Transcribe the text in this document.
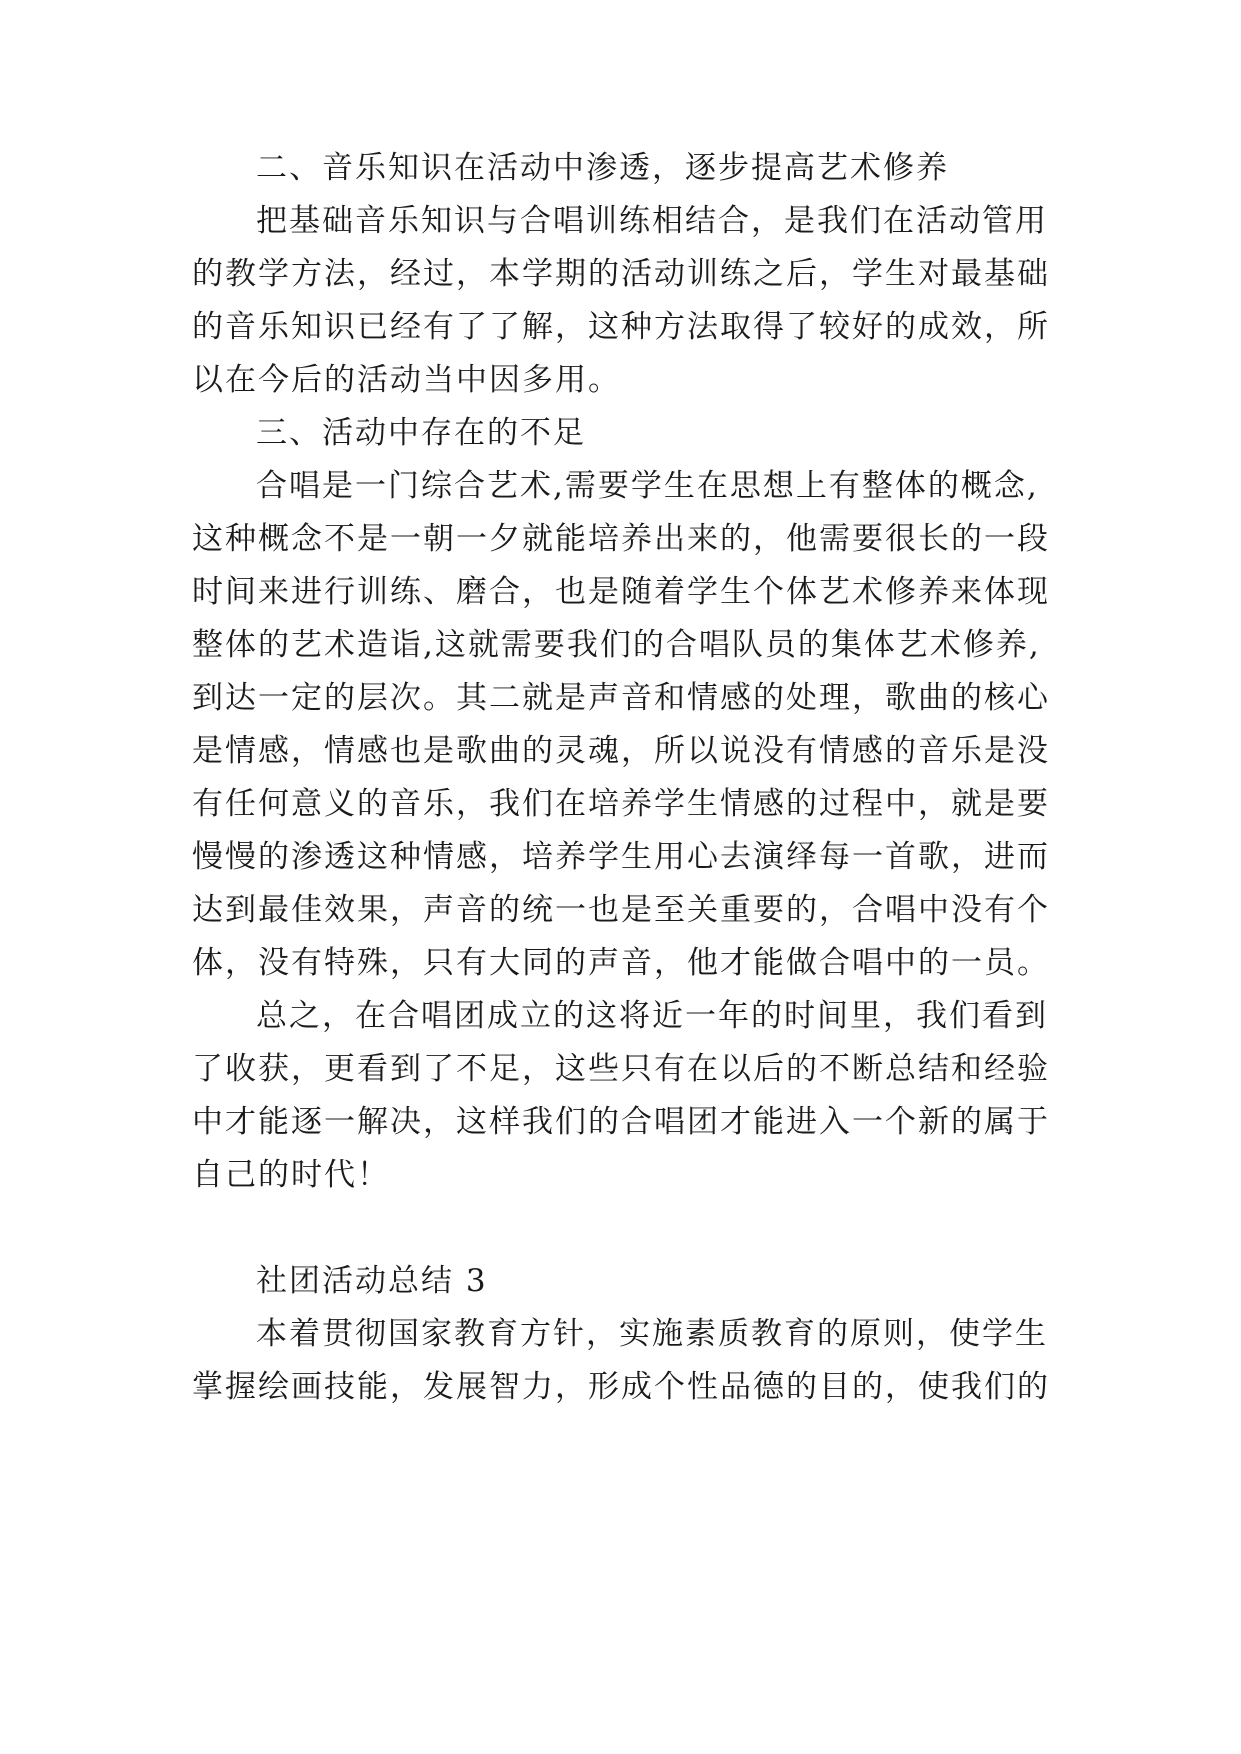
二、音乐知识在活动中渗透，逐步提高艺术修养
把基础音乐知识与合唱训练相结合，是我们在活动管用
的教学方法，经过，本学期的活动训练之后，学生对最基础
的音乐知识已经有了了解，这种方法取得了较好的成效，所
以在今后的活动当中因多用。
三、活动中存在的不足
合唱是一门综合艺术,需要学生在思想上有整体的概念,
这种概念不是一朝一夕就能培养出来的，他需要很长的一段
时间来进行训练、磨合，也是随着学生个体艺术修养来体现
整体的艺术造诣,这就需要我们的合唱队员的集体艺术修养,
到达一定的层次。其二就是声音和情感的处理，歌曲的核心
是情感，情感也是歌曲的灵魂，所以说没有情感的音乐是没
有任何意义的音乐，我们在培养学生情感的过程中，就是要
慢慢的渗透这种情感，培养学生用心去演绎每一首歌，进而
达到最佳效果，声音的统一也是至关重要的，合唱中没有个
体，没有特殊，只有大同的声音，他才能做合唱中的一员。
总之，在合唱团成立的这将近一年的时间里，我们看到
了收获，更看到了不足，这些只有在以后的不断总结和经验
中才能逐一解决，这样我们的合唱团才能进入一个新的属于
自己的时代！
社团活动总结 3
本着贯彻国家教育方针，实施素质教育的原则，使学生
掌握绘画技能，发展智力，形成个性品德的目的，使我们的
